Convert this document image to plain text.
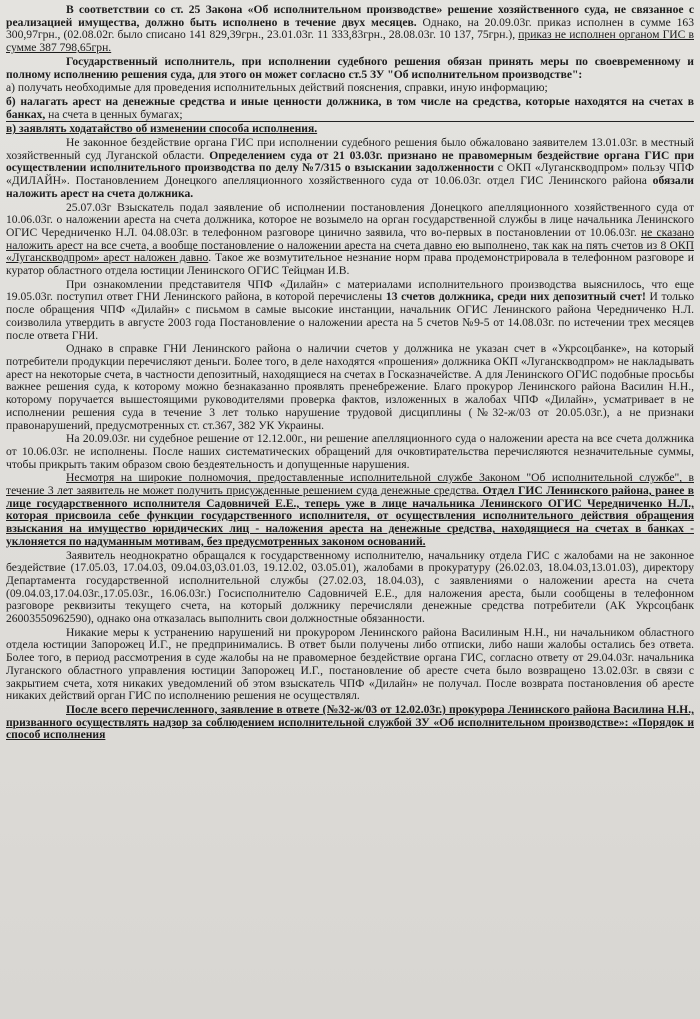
В соответствии со ст. 25 Закона «Об исполнительном производстве» решение хозяйственного суда, не связанное с реализацией имущества, должно быть исполнено в течение двух месяцев. Однако, на 20.09.03г. приказ исполнен в сумме 163 300,97грн., (02.08.02г. было списано 141 829,39грн., 23.01.03г. 11 333,83грн., 28.08.03г. 10 137, 75грн.), приказ не исполнен органом ГИС в сумме 387 798,65грн.

Государственный исполнитель, при исполнении судебного решения обязан принять меры по своевременному и полному исполнению решения суда, для этого он может согласно ст.5 ЗУ "Об исполнительном производстве":

а) получать необходимые для проведения исполнительных действий пояснения, справки, иную информацию;

б) налагать арест на денежные средства и иные ценности должника, в том числе на средства, которые находятся на счетах в банках, на счета в ценных бумагах;

в) заявлять ходатайство об изменении способа исполнения.

Не законное бездействие органа ГИС при исполнении судебного решения было обжаловано заявителем 13.01.03г. в местный хозяйственный суд Луганской области. Определением суда от 21 03.03г. признано не правомерным бездействие органа ГИС при осуществлении исполнительного производства по делу №7/315 о взыскании задолженности с ОКП «Луганскводпром» пользу ЧПФ «ДИЛАЙН». Постановлением Донецкого апелляционного хозяйственного суда от 10.06.03г. отдел ГИС Ленинского района обязали наложить арест на счета должника.

25.07.03г Взыскатель подал заявление об исполнении постановления Донецкого апелляционного хозяйственного суда от 10.06.03г. о наложении ареста на счета должника, которое не возымело на орган государственной службы в лице начальника Ленинского ОГИС Чередниченко Н.Л. 04.08.03г. в телефонном разговоре цинично заявила, что во-первых в постановлении от 10.06.03г. не сказано наложить арест на все счета, а вообще постановление о наложении ареста на счета давно ею выполнено, так как на пять счетов из 8 ОКП «Луганскводпром» арест наложен давно. Такое же возмутительное незнание норм права продемонстрировала в телефонном разговоре и куратор областного отдела юстиции Ленинского ОГИС Тейцман И.В.

При ознакомлении представителя ЧПФ «Дилайн» с материалами исполнительного производства выяснилось, что еще 19.05.03г. поступил ответ ГНИ Ленинского района, в которой перечислены 13 счетов должника, среди них депозитный счет! И только после обращения ЧПФ «Дилайн» с письмом в самые высокие инстанции, начальник ОГИС Ленинского района Чередниченко Н.Л. соизволила утвердить в августе 2003 года Постановление о наложении ареста на 5 счетов №9-5 от 14.08.03г. по истечении трех месяцев после ответа ГНИ.

Однако в справке ГНИ Ленинского района о наличии счетов у должника не указан счет в «Укрсоцбанке», на который потребители продукции перечисляют деньги. Более того, в деле находятся «прошения» должника ОКП «Луганскводпром» не накладывать арест на некоторые счета, в частности депозитный, находящиеся на счетах в Госказначействе. А для Ленинского ОГИС подобные просьбы важнее решения суда, к которому можно безнаказанно проявлять пренебрежение. Благо прокурор Ленинского района Василин Н.Н., которому поручается вышестоящими руководителями проверка фактов, изложенных в жалобах ЧПФ «Дилайн», усматривает в не исполнении решения суда в течение 3 лет только нарушение трудовой дисциплины (№32-ж/03 от 20.05.03г.), а не признаки правонарушений, предусмотренных ст. ст.367, 382 УК Украины.

На 20.09.03г. ни судебное решение от 12.12.00г., ни решение апелляционного суда о наложении ареста на все счета должника от 10.06.03г. не исполнены. После наших систематических обращений для очковтирательства перечисляются незначительные суммы, чтобы прикрыть таким образом свою бездеятельность и допущенные нарушения.

Несмотря на широкие полномочия, предоставленные исполнительной службе Законом "Об исполнительной службе", в течение 3 лет заявитель не может получить присужденные решением суда денежные средства. Отдел ГИС Ленинского района, ранее в лице государственного исполнителя Садовничей Е.Е., теперь уже в лице начальника Ленинского ОГИС Чередниченко Н.Л., которая присвоила себе функции государственного исполнителя, от осуществления исполнительного действия обращения взыскания на имущество юридических лиц - наложения ареста на денежные средства, находящиеся на счетах в банках - уклоняется по надуманным мотивам, без предусмотренных законом оснований.

Заявитель неоднократно обращался к государственному исполнителю, начальнику отдела ГИС с жалобами на не законное бездействие (17.05.03, 17.04.03, 09.04.03,03.01.03, 19.12.02, 03.05.01), жалобами в прокуратуру (26.02.03, 18.04.03,13.01.03), директору Департамента государственной исполнительной службы (27.02.03, 18.04.03), с заявлениями о наложении ареста на счета (09.04.03,17.04.03г.,17.05.03г., 16.06.03г.) Госисполнителю Садовничей Е.Е., для наложения ареста, были сообщены в телефонном разговоре реквизиты текущего счета, на который должнику перечисляли денежные средства потребители (АК Укрсоцбанк 26003550962590), однако она отказалась выполнить свои должностные обязанности.

Никакие меры к устранению нарушений ни прокурором Ленинского района Василиным Н.Н., ни начальником областного отдела юстиции Запорожец И.Г., не предпринимались. В ответ были получены либо отписки, либо наши жалобы остались без ответа. Более того, в период рассмотрения в суде жалобы на не правомерное бездействие органа ГИС, согласно ответу от 29.04.03г. начальника Луганского областного управления юстиции Запорожец И.Г., постановление об аресте счета было возвращено 13.02.03г. в связи с закрытием счета, хотя никаких уведомлений об этом взыскатель ЧПФ «Дилайн» не получал. После возврата постановления об аресте никаких действий орган ГИС по исполнению решения не осуществлял.

После всего перечисленного, заявление в ответе (№32-ж/03 от 12.02.03г.) прокурора Ленинского района Василина Н.Н., призванного осуществлять надзор за соблюдением исполнительной службой ЗУ «Об исполнительном производстве»: «Порядок и способ исполнения
